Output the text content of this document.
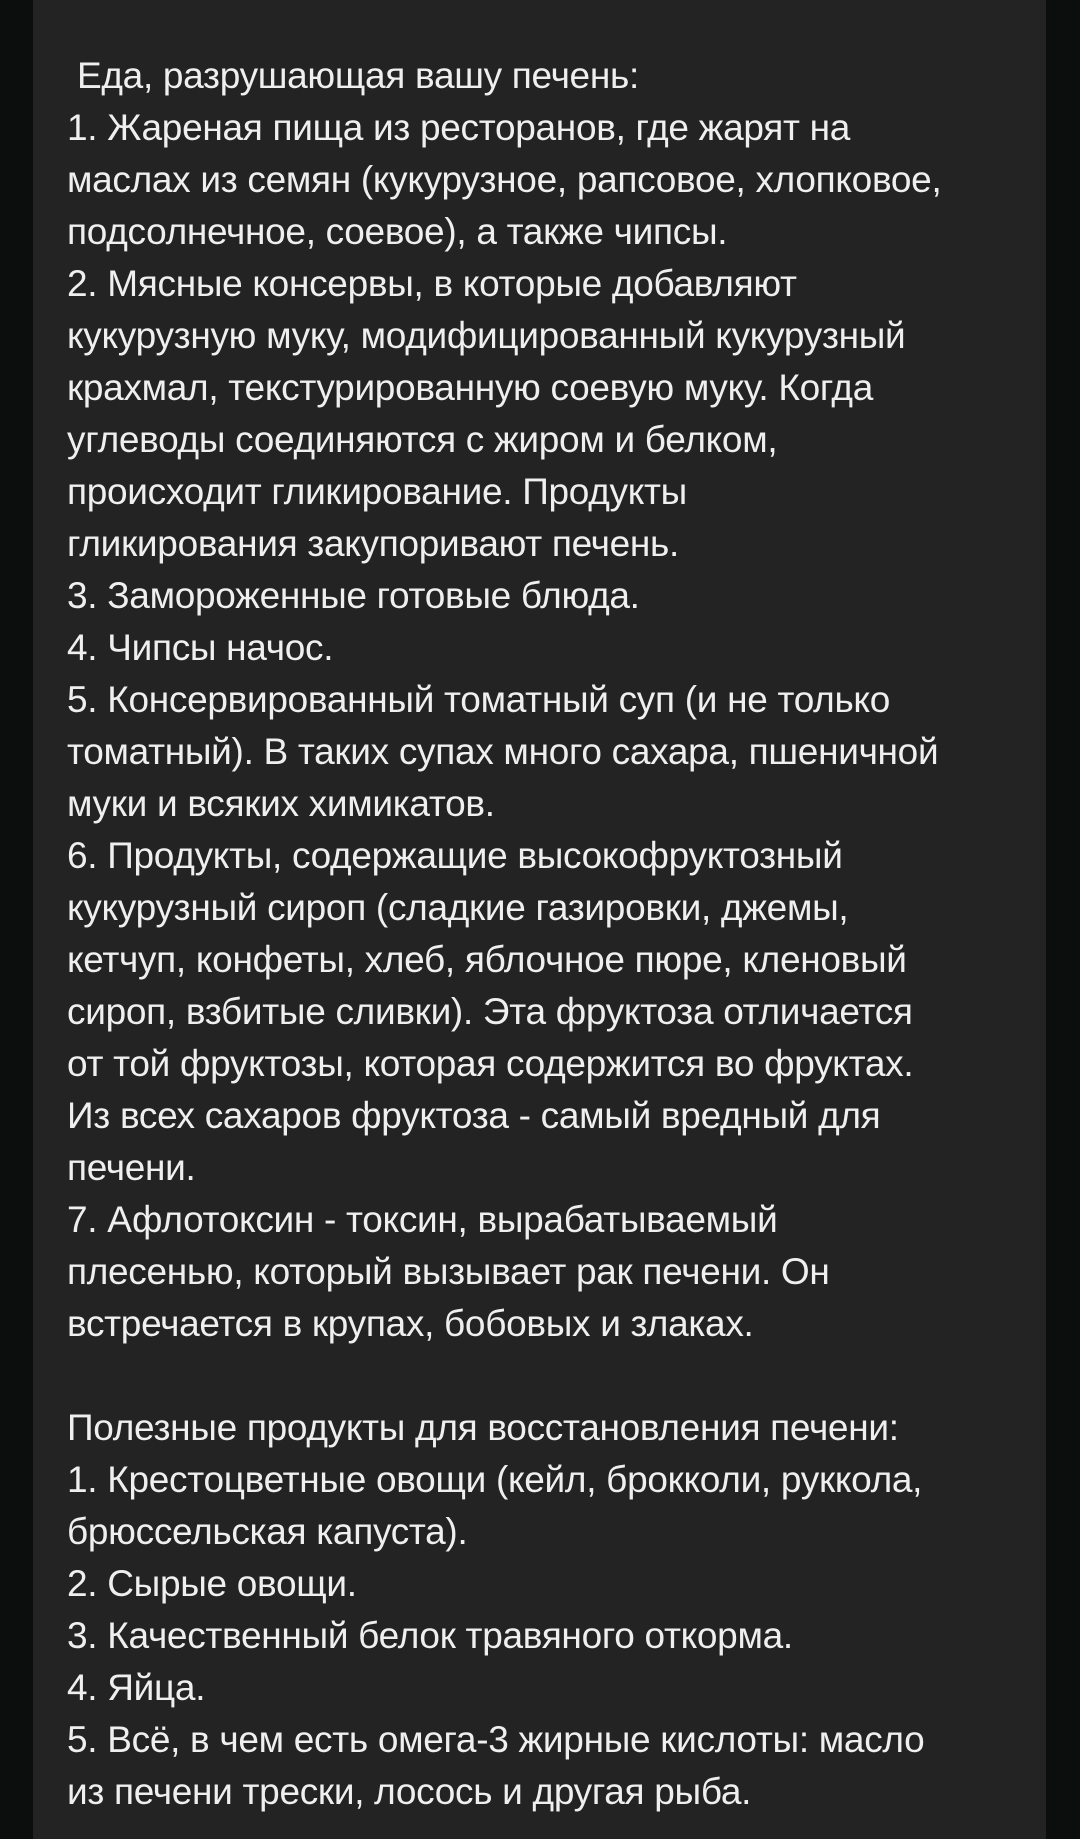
Еда, разрушающая вашу печень:
1. Жареная пища из ресторанов, где жарят на
маслах из семян (кукурузное, рапсовое, хлопковое,
подсолнечное, соевое), а также чипсы.
2. Мясные консервы, в которые добавляют
кукурузную муку, модифицированный кукурузный
крахмал, текстурированную соевую муку. Когда
углеводы соединяются с жиром и белком,
происходит гликирование. Продукты
гликирования закупоривают печень.
3. Замороженные готовые блюда.
4. Чипсы начос.
5. Консервированный томатный суп (и не только
томатный). В таких супах много сахара, пшеничной
муки и всяких химикатов.
6. Продукты, содержащие высокофруктозный
кукурузный сироп (сладкие газировки, джемы,
кетчуп, конфеты, хлеб, яблочное пюре, кленовый
сироп, взбитые сливки). Эта фруктоза отличается
от той фруктозы, которая содержится во фруктах.
Из всех сахаров фруктоза - самый вредный для
печени.
7. Афлотоксин - токсин, вырабатываемый
плесенью, который вызывает рак печени. Он
встречается в крупах, бобовых и злаках.
Полезные продукты для восстановления печени:
1. Крестоцветные овощи (кейл, брокколи, руккола,
брюссельская капуста).
2. Сырые овощи.
3. Качественный белок травяного откорма.
4. Яйца.
5. Всё, в чем есть омега-3 жирные кислоты: масло
из печени трески, лосось и другая рыба.
